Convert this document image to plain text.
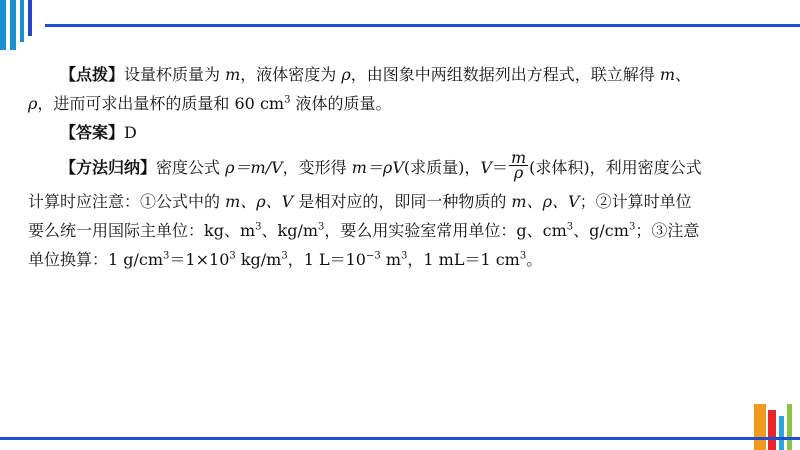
【点拨】设量杯质量为 m，液体密度为 ρ，由图象中两组数据列出方程式，联立解得 m、

ρ，进而可求出量杯的质量和 60 $cm^3$ 液体的质量。

【答案】D

【方法归纳】密度公式 ρ＝m/V，变形得 m＝ρV(求质量)，$V= \frac{m}{\rho}$ (求体积)，利用密度公式

计算时应注意：①公式中的 m、ρ、V 是相对应的，即同一种物质的 m、ρ、V；②计算时单位

要么统一用国际主单位：kg、$m^3$、$kg/m^3$，要么用实验室常用单位：g、$cm^3$、$g/cm^3$；③注意

单位换算：1 $g/cm^3=1\times 10^3$ $kg/m^3$，1 $L=10^{-3}$ $m^3$，1 mL＝1 $cm^3$。
